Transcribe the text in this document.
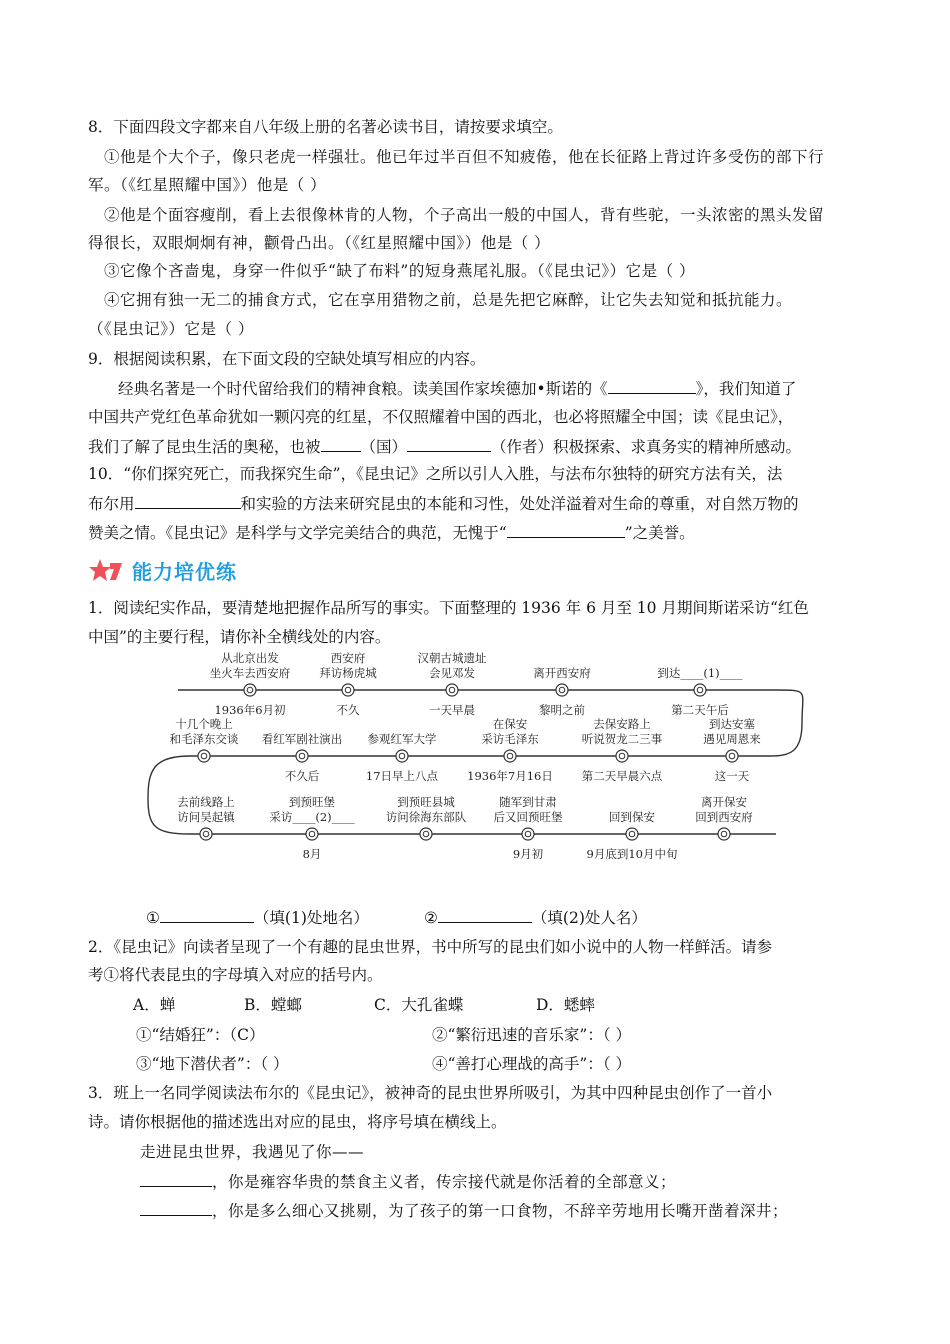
8．下面四段文字都来自八年级上册的名著必读书目，请按要求填空。
①他是个大个子，像只老虎一样强壮。他已年过半百但不知疲倦，他在长征路上背过许多受伤的部下行
军。（《红星照耀中国》）他是（ ）
②他是个面容瘦削，看上去很像林肯的人物，个子高出一般的中国人，背有些驼，一头浓密的黑头发留
得很长，双眼炯炯有神，颧骨凸出。（《红星照耀中国》）他是（ ）
③它像个吝啬鬼，身穿一件似乎“缺了布料”的短身燕尾礼服。（《昆虫记》）它是（ ）
④它拥有独一无二的捕食方式，它在享用猎物之前，总是先把它麻醉，让它失去知觉和抵抗能力。
（《昆虫记》）它是（ ）
9．根据阅读积累，在下面文段的空缺处填写相应的内容。
经典名著是一个时代留给我们的精神食粮。读美国作家埃德加•斯诺的《	》，我们知道了
中国共产党红色革命犹如一颗闪亮的红星，不仅照耀着中国的西北，也必将照耀全中国；读《昆虫记》，
我们了解了昆虫生活的奥秘，也被	（国）	（作者）积极探索、求真务实的精神所感动。
10．“你们探究死亡，而我探究生命”，《昆虫记》之所以引人入胜，与法布尔独特的研究方法有关，法
布尔用	和实验的方法来研究昆虫的本能和习性，处处洋溢着对生命的尊重，对自然万物的
赞美之情。《昆虫记》是科学与文学完美结合的典范，无愧于“	”之美誉。
能力培优练
1．阅读纪实作品，要清楚地把握作品所写的事实。下面整理的 1936 年 6 月至 10 月期间斯诺采访“红色
中国”的主要行程，请你补全横线处的内容。
从北京出发
坐火车去西安府
1936年6月初
西安府
拜访杨虎城
不久
汉朝古城遗址
会见邓发
一天早晨
离开西安府
黎明之前
到达____(1)____
第二天午后
十几个晚上
和毛泽东交谈 看红军剧社演出
不久后
参观红军大学
17日早上八点
在保安
采访毛泽东
1936年7月16日
去保安路上
听说贺龙二三事
第二天早晨六点
到达安塞
遇见周恩来
这一天
去前线路上
访问吴起镇
到预旺堡
采访____(2)____
8月
到预旺县城
访问徐海东部队
随军到甘肃
后又回预旺堡
9月初
回到保安
9月底到10月中旬
离开保安
回到西安府
①	（填(1)处地名）	②	（填(2)处人名）
2．《昆虫记》向读者呈现了一个有趣的昆虫世界，书中所写的昆虫们如小说中的人物一样鲜活。请参
考①将代表昆虫的字母填入对应的括号内。
A．蝉	B．螳螂	C．大孔雀蝶	D．蟋蟀
①“结婚狂”：（C）	②“繁衍迅速的音乐家”：（ ）
③“地下潜伏者”：（ ）	④“善打心理战的高手”：（ ）
3．班上一名同学阅读法布尔的《昆虫记》，被神奇的昆虫世界所吸引，为其中四种昆虫创作了一首小
诗。请你根据他的描述选出对应的昆虫，将序号填在横线上。
走进昆虫世界，我遇见了你——
，你是雍容华贵的禁食主义者，传宗接代就是你活着的全部意义；
，你是多么细心又挑剔，为了孩子的第一口食物，不辞辛劳地用长嘴开凿着深井；
